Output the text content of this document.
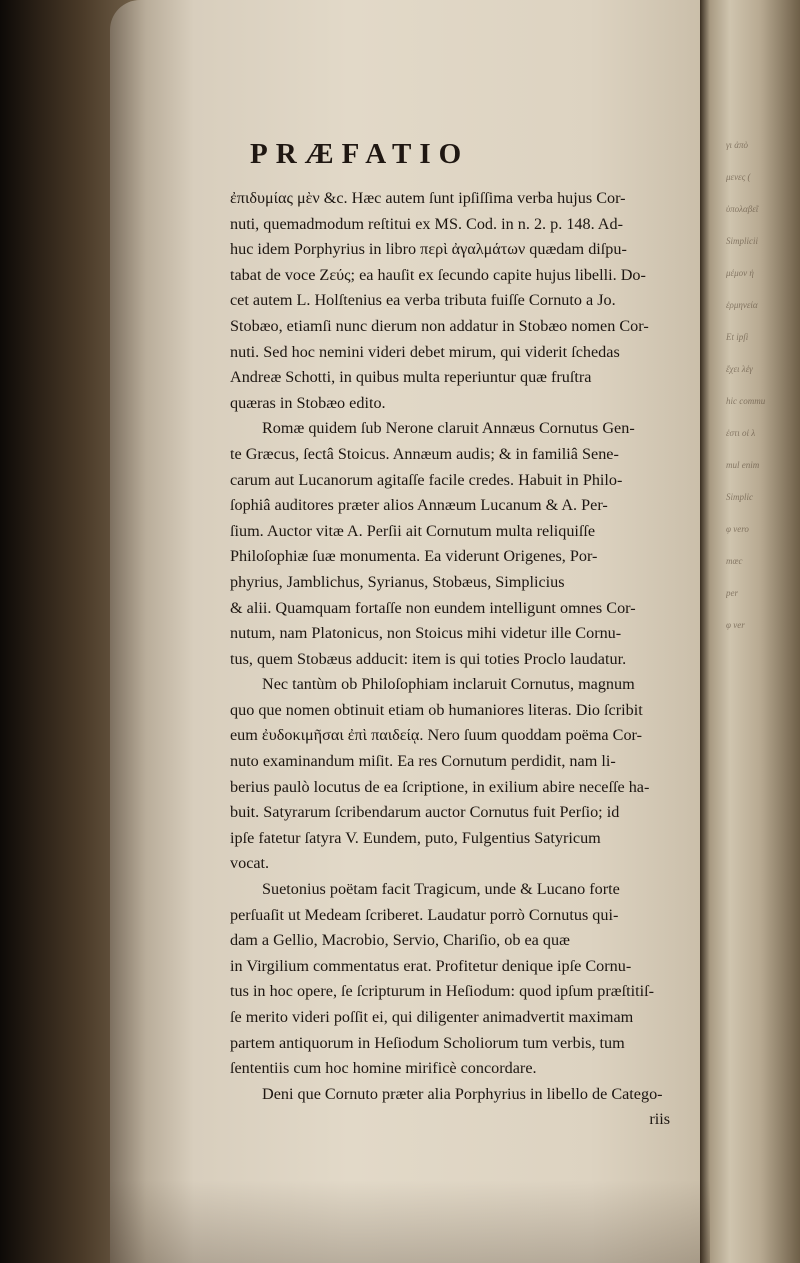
PRÆFATIO
ἐπιδυμίας μὲν &c. Hæc autem ſunt ipſiſſima verba hujus Cor-
nuti, quemadmodum reſtitui ex MS. Cod. in n. 2. p. 148. Ad-
huc idem Porphyrius in libro περὶ ἀγαλμάτων quædam diſpu-
tabat de voce Ζεύς; ea hauſit ex ſecundo capite hujus libelli. Do-
cet autem L. Holſtenius ea verba tributa fuiſſe Cornuto a Jo.
Stobæo, etiamſi nunc dierum non addatur in Stobæo nomen Cor-
nuti. Sed hoc nemini videri debet mirum, qui viderit ſchedas
Andreæ Schotti, in quibus multa reperiuntur quæ fruſtra
quæras in Stobæo edito.
Romæ quidem ſub Nerone claruit Annæus Cornutus Gen-
te Græcus, ſectâ Stoicus. Annæum audis; & in familiâ Sene-
carum aut Lucanorum agitaſſe facile credes. Habuit in Philo-
ſophiâ auditores præter alios Annæum Lucanum & A. Per-
ſium. Auctor vitæ A. Perſii ait Cornutum multa reliquiſſe
Philoſophiæ ſuæ monumenta. Ea viderunt Origenes, Por-
phyrius, Jamblichus, Syrianus, Stobæus, Simplicius
& alii. Quamquam fortaſſe non eundem intelligunt omnes Cor-
nutum, nam Platonicus, non Stoicus mihi videtur ille Cornu-
tus, quem Stobæus adducit: item is qui toties Proclo laudatur.
Nec tantùm ob Philoſophiam inclaruit Cornutus, magnum
quo que nomen obtinuit etiam ob humaniores literas. Dio ſcribit
eum ἐυδοκιμῆσαι ἐπὶ παιδείᾳ. Nero ſuum quoddam poëma Cor-
nuto examinandum miſit. Ea res Cornutum perdidit, nam li-
berius paulò locutus de ea ſcriptione, in exilium abire neceſſe ha-
buit. Satyrarum ſcribendarum auctor Cornutus fuit Perſio; id
ipſe fatetur ſatyra V. Eundem, puto, Fulgentius Satyricum
vocat.
Suetonius poëtam facit Tragicum, unde & Lucano forte
perſuaſit ut Medeam ſcriberet. Laudatur porrò Cornutus qui-
dam a Gellio, Macrobio, Servio, Chariſio, ob ea quæ
in Virgilium commentatus erat. Profitetur denique ipſe Cornu-
tus in hoc opere, ſe ſcripturum in Heſiodum: quod ipſum præſtitiſ-
ſe merito videri poſſit ei, qui diligenter animadvertit maximam
partem antiquorum in Heſiodum Scholiorum tum verbis, tum
ſententiis cum hoc homine mirificè concordare.
Deni que Cornuto præter alia Porphyrius in libello de Catego-
riis
γι ἀπὸ
μενες (
ὑπολαβεῖ
Simplicii
μέμον ἡ
ἐρμηνεία
Et ipſi
ἔχει λέγ
hic commu
ἐστι οἱ λ
mul enim
Simplic
φ vero
mœc
per
φ ver
